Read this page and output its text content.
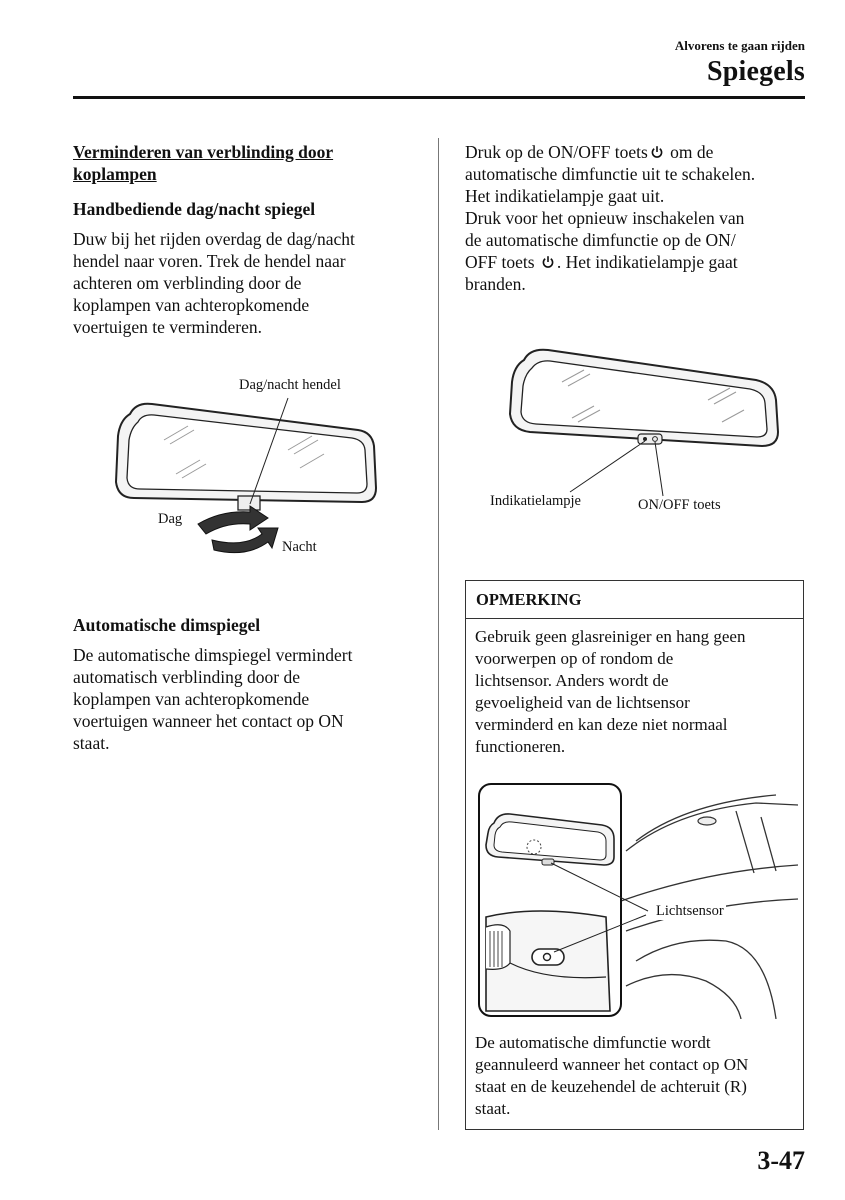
Alvorens te gaan rijden
Spiegels
Verminderen van verblinding door
koplampen
Handbediende dag/nacht spiegel
Duw bij het rijden overdag de dag/nacht
hendel naar voren. Trek de hendel naar
achteren om verblinding door de
koplampen van achteropkomende
voertuigen te verminderen.
Dag/nacht hendel
Dag
Nacht
Automatische dimspiegel
De automatische dimspiegel vermindert
automatisch verblinding door de
koplampen van achteropkomende
voertuigen wanneer het contact op ON
staat.
Druk op de ON/OFF toets om de
automatische dimfunctie uit te schakelen.
Het indikatielampje gaat uit.
Druk voor het opnieuw inschakelen van
de automatische dimfunctie op de ON/
OFF toets . Het indikatielampje gaat
branden.
Indikatielampje	ON/OFF toets
OPMERKING
Gebruik geen glasreiniger en hang geen
voorwerpen op of rondom de
lichtsensor. Anders wordt de
gevoeligheid van de lichtsensor
verminderd en kan deze niet normaal
functioneren.
Lichtsensor
De automatische dimfunctie wordt
geannuleerd wanneer het contact op ON
staat en de keuzehendel de achteruit (R)
staat.
3-47
